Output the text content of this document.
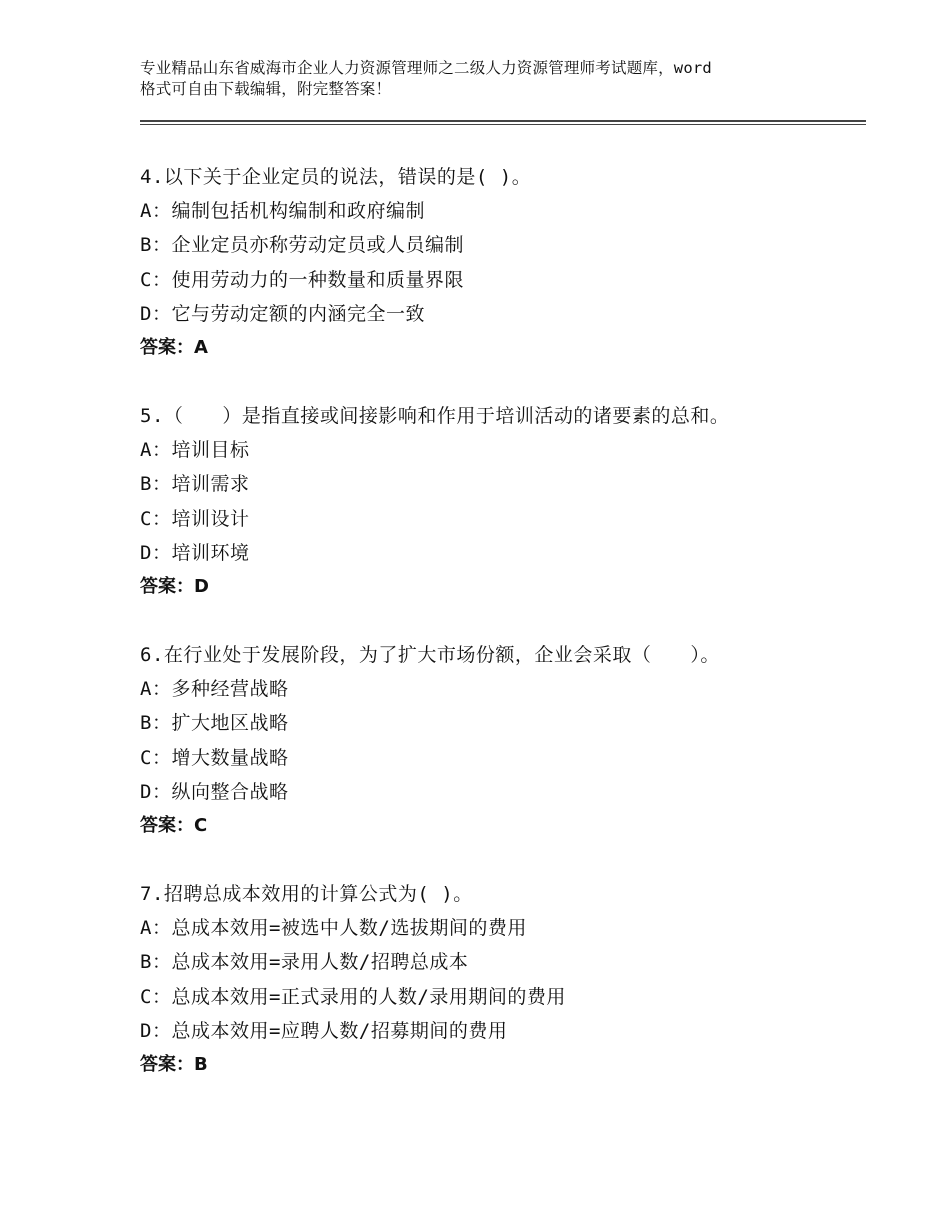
专业精品山东省威海市企业人力资源管理师之二级人力资源管理师考试题库，word
格式可自由下载编辑，附完整答案！
4.以下关于企业定员的说法，错误的是( )。
A：编制包括机构编制和政府编制
B：企业定员亦称劳动定员或人员编制
C：使用劳动力的一种数量和质量界限
D：它与劳动定额的内涵完全一致
答案：A
5.（　　）是指直接或间接影响和作用于培训活动的诸要素的总和。
A：培训目标
B：培训需求
C：培训设计
D：培训环境
答案：D
6.在行业处于发展阶段，为了扩大市场份额，企业会采取（　　）。
A：多种经营战略
B：扩大地区战略
C：增大数量战略
D：纵向整合战略
答案：C
7.招聘总成本效用的计算公式为( )。
A：总成本效用=被选中人数/选拔期间的费用
B：总成本效用=录用人数/招聘总成本
C：总成本效用=正式录用的人数/录用期间的费用
D：总成本效用=应聘人数/招募期间的费用
答案：B
